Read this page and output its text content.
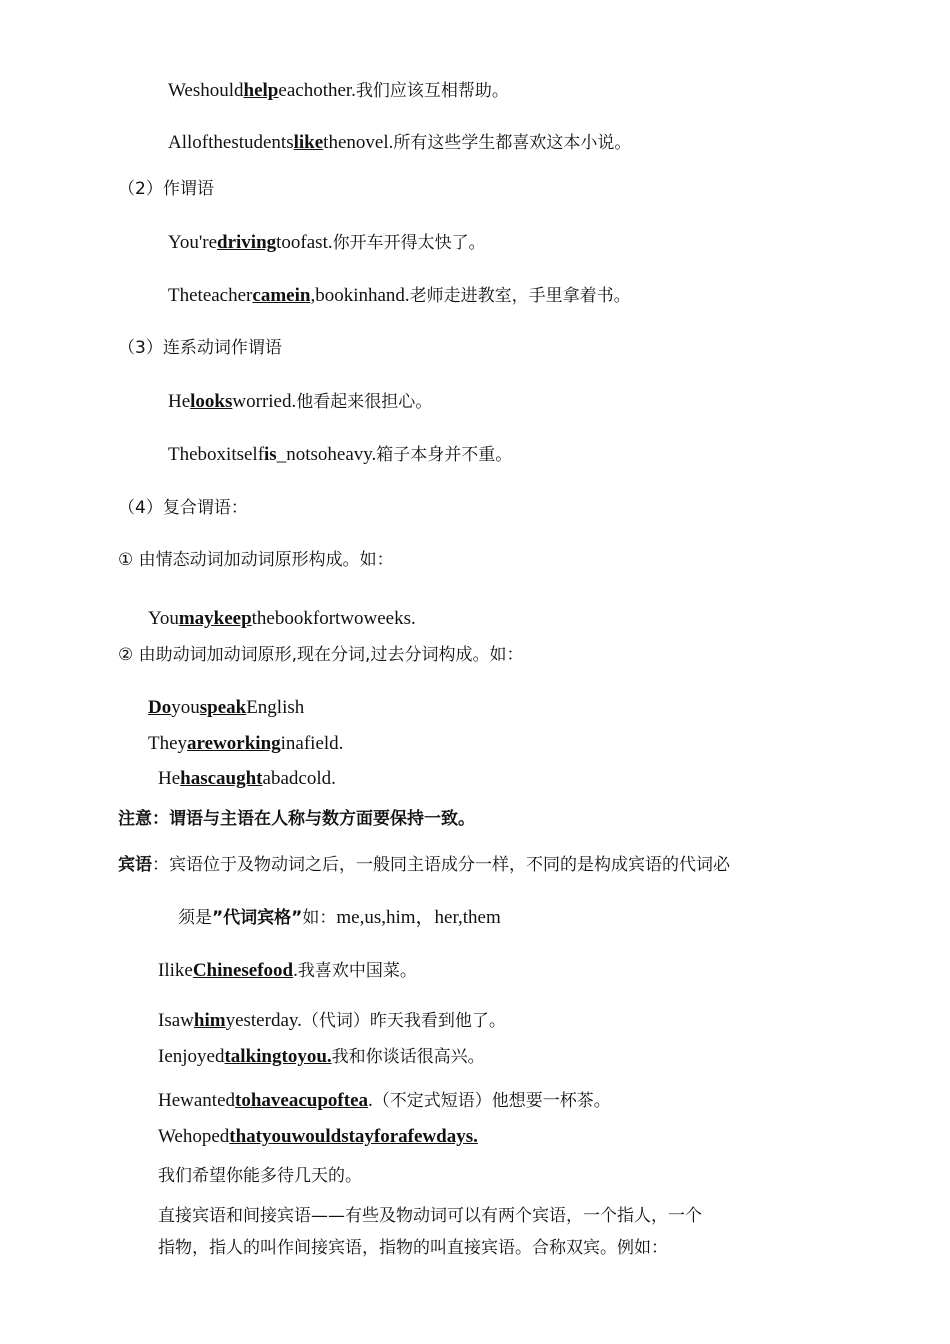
Weshouldhelpeachother.我们应该互相帮助。
Allofthestudentslikethenovel.所有这些学生都喜欢这本小说。
（2）作谓语
You'redrivingtoofast.你开车开得太快了。
Theteachercamein,bookinhand.老师走进教室，手里拿着书。
（3）连系动词作谓语
Helooksworried.他看起来很担心。
Theboxitselfis_notsoheavy.箱子本身并不重。
（4）复合谓语：
① 由情态动词加动词原形构成。如：
Youmaykeepthebookfortwoweeks.
② 由助动词加动词原形,现在分词,过去分词构成。如：
DoyouspeakEnglish
Theyareworkinginafield.
Hehascaughtabadcold.
注意：谓语与主语在人称与数方面要保持一致。
宾语：宾语位于及物动词之后，一般同主语成分一样，不同的是构成宾语的代词必
须是”代词宾格”如：me,us,him，her,them
IlikeChinesefood.我喜欢中国菜。
Isawhimyesterday.（代词）昨天我看到他了。
Ienjoyedtalkingtoyou.我和你谈话很高兴。
Hewantedtohaveacupoftea.（不定式短语）他想要一杯茶。
Wehopedthatyouwouldstayforafewdays.
我们希望你能多待几天的。
直接宾语和间接宾语——有些及物动词可以有两个宾语，一个指人，一个
指物，指人的叫作间接宾语，指物的叫直接宾语。合称双宾。例如：
